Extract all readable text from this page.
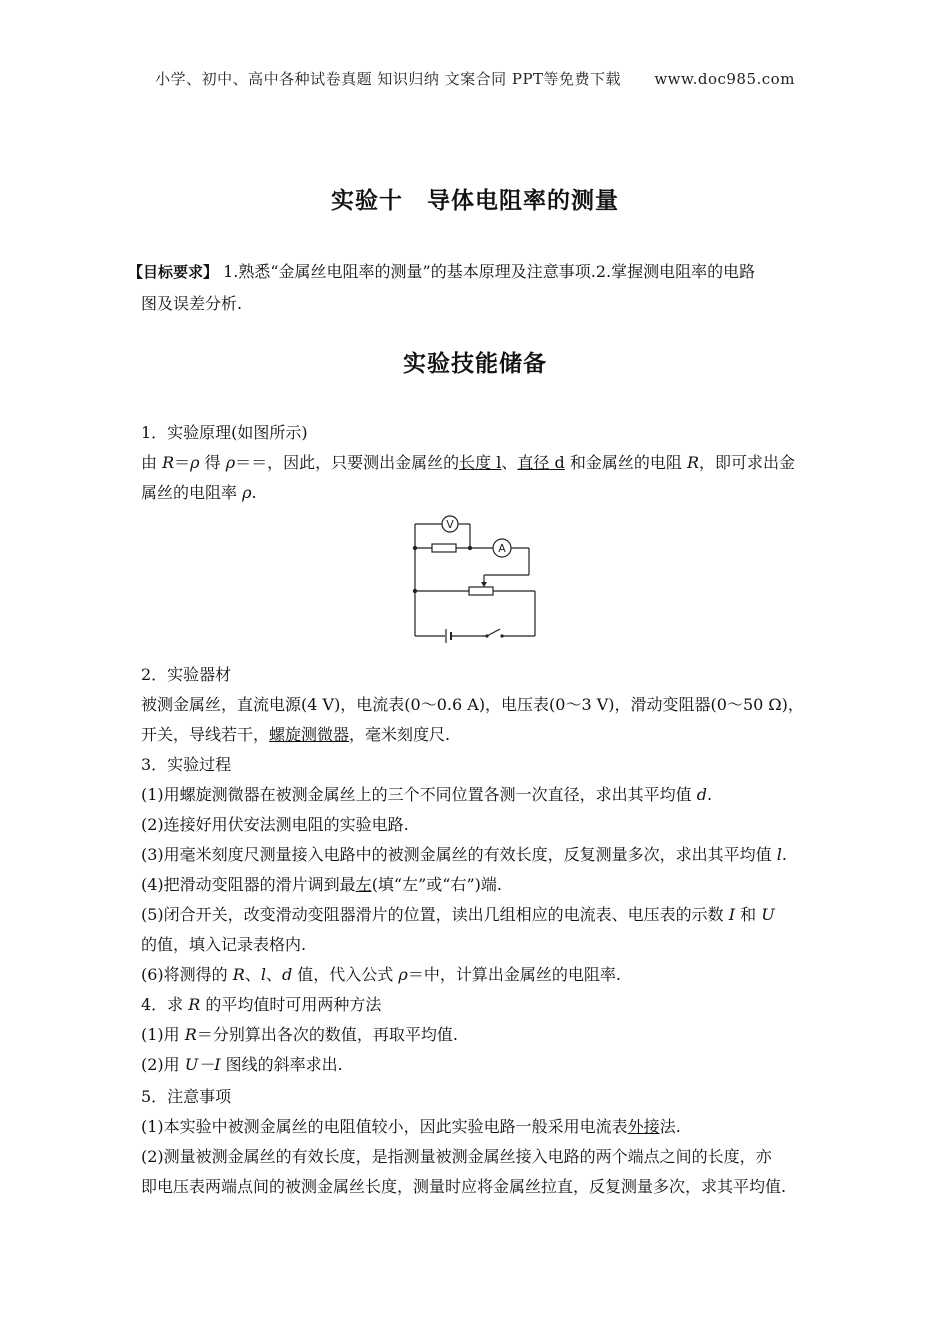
小学、初中、高中各种试卷真题 知识归纳 文案合同 PPT等免费下载 www.doc985.com
实验十　导体电阻率的测量
【目标要求】 1.熟悉“金属丝电阻率的测量”的基本原理及注意事项.2.掌握测电阻率的电路
图及误差分析.
实验技能储备
1．实验原理(如图所示)
由 R＝ρ 得 ρ＝＝，因此，只要测出金属丝的长度 l、直径 d 和金属丝的电阻 R，即可求出金
属丝的电阻率 ρ.
V
A
2．实验器材
被测金属丝，直流电源(4 V)，电流表(0～0.6 A)，电压表(0～3 V)，滑动变阻器(0～50 Ω)，
开关，导线若干，螺旋测微器，毫米刻度尺.
3．实验过程
(1)用螺旋测微器在被测金属丝上的三个不同位置各测一次直径，求出其平均值 d.
(2)连接好用伏安法测电阻的实验电路.
(3)用毫米刻度尺测量接入电路中的被测金属丝的有效长度，反复测量多次，求出其平均值 l.
(4)把滑动变阻器的滑片调到最左(填“左”或“右”)端.
(5)闭合开关，改变滑动变阻器滑片的位置，读出几组相应的电流表、电压表的示数 I 和 U
的值，填入记录表格内.
(6)将测得的 R、l、d 值，代入公式 ρ＝中，计算出金属丝的电阻率.
4．求 R 的平均值时可用两种方法
(1)用 R＝分别算出各次的数值，再取平均值.
(2)用 U－I 图线的斜率求出.
5．注意事项
(1)本实验中被测金属丝的电阻值较小，因此实验电路一般采用电流表外接法.
(2)测量被测金属丝的有效长度，是指测量被测金属丝接入电路的两个端点之间的长度，亦
即电压表两端点间的被测金属丝长度，测量时应将金属丝拉直，反复测量多次，求其平均值.
